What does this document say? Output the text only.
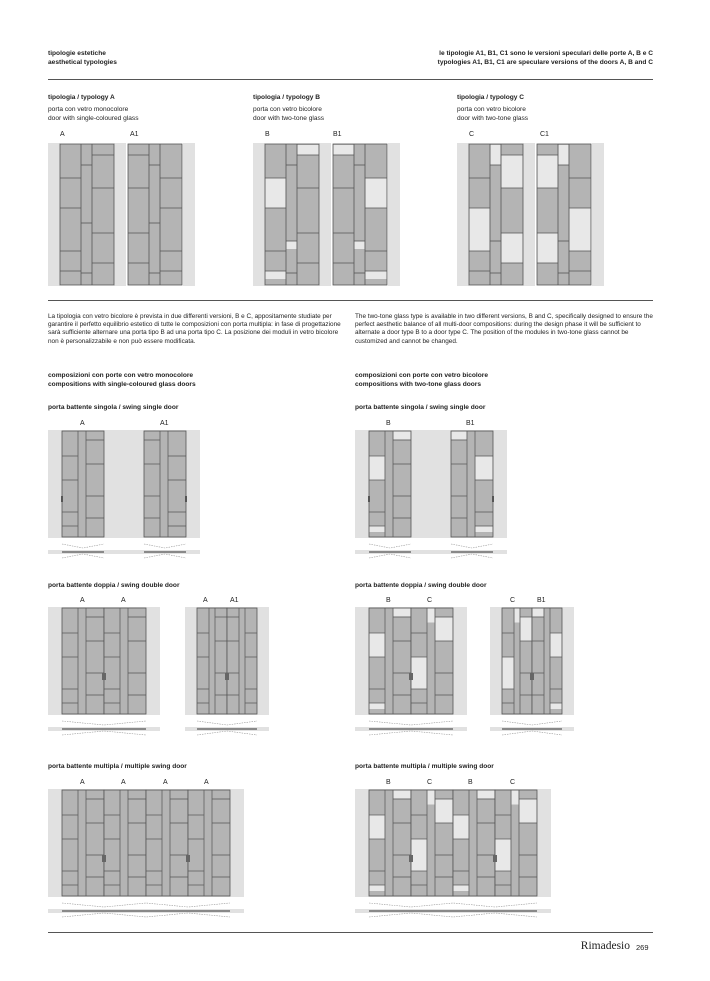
tipologie estetiche
aesthetical typologies
le tipologie A1, B1, C1 sono le versioni speculari delle porte A, B e C
typologies A1, B1, C1 are speculare versions of the doors A, B and C
tipologia / typology A
porta con vetro monocolore
door with single-coloured glass
A	A1
tipologia / typology B
porta con vetro bicolore
door with two-tone glass
B	B1
tipologia / typology C
porta con vetro bicolore
door with two-tone glass
C	C1
La tipologia con vetro bicolore è prevista in due differenti versioni, B e C, appositamente studiate per garantire il perfetto equilibrio estetico di tutte le composizioni con porta multipla: in fase di progettazione sarà sufficiente alternare una porta tipo B ad una porta tipo C. La posizione dei moduli in vetro bicolore non è personalizzabile e non può essere modificata.
The two-tone glass type is available in two different versions, B and C, specifically designed to ensure the perfect aesthetic balance of all multi-door compositions: during the design phase it will be sufficient to alternate a door type B to a door type C. The position of the modules in two-tone glass cannot be customized and cannot be changed.
composizioni con porte con vetro monocolore
compositions with single-coloured glass doors
composizioni con porte con vetro bicolore
compositions with two-tone glass doors
porta battente singola / swing single door	porta battente singola / swing single door
A	A1	B	B1
porta battente doppia / swing double door	porta battente doppia / swing double door
A	A	A	A1	B	C	C	B1
porta battente multipla / multiple swing door	porta battente multipla / multiple swing door
A	A	A	A	B	C	B	C
Rimadesio 269
